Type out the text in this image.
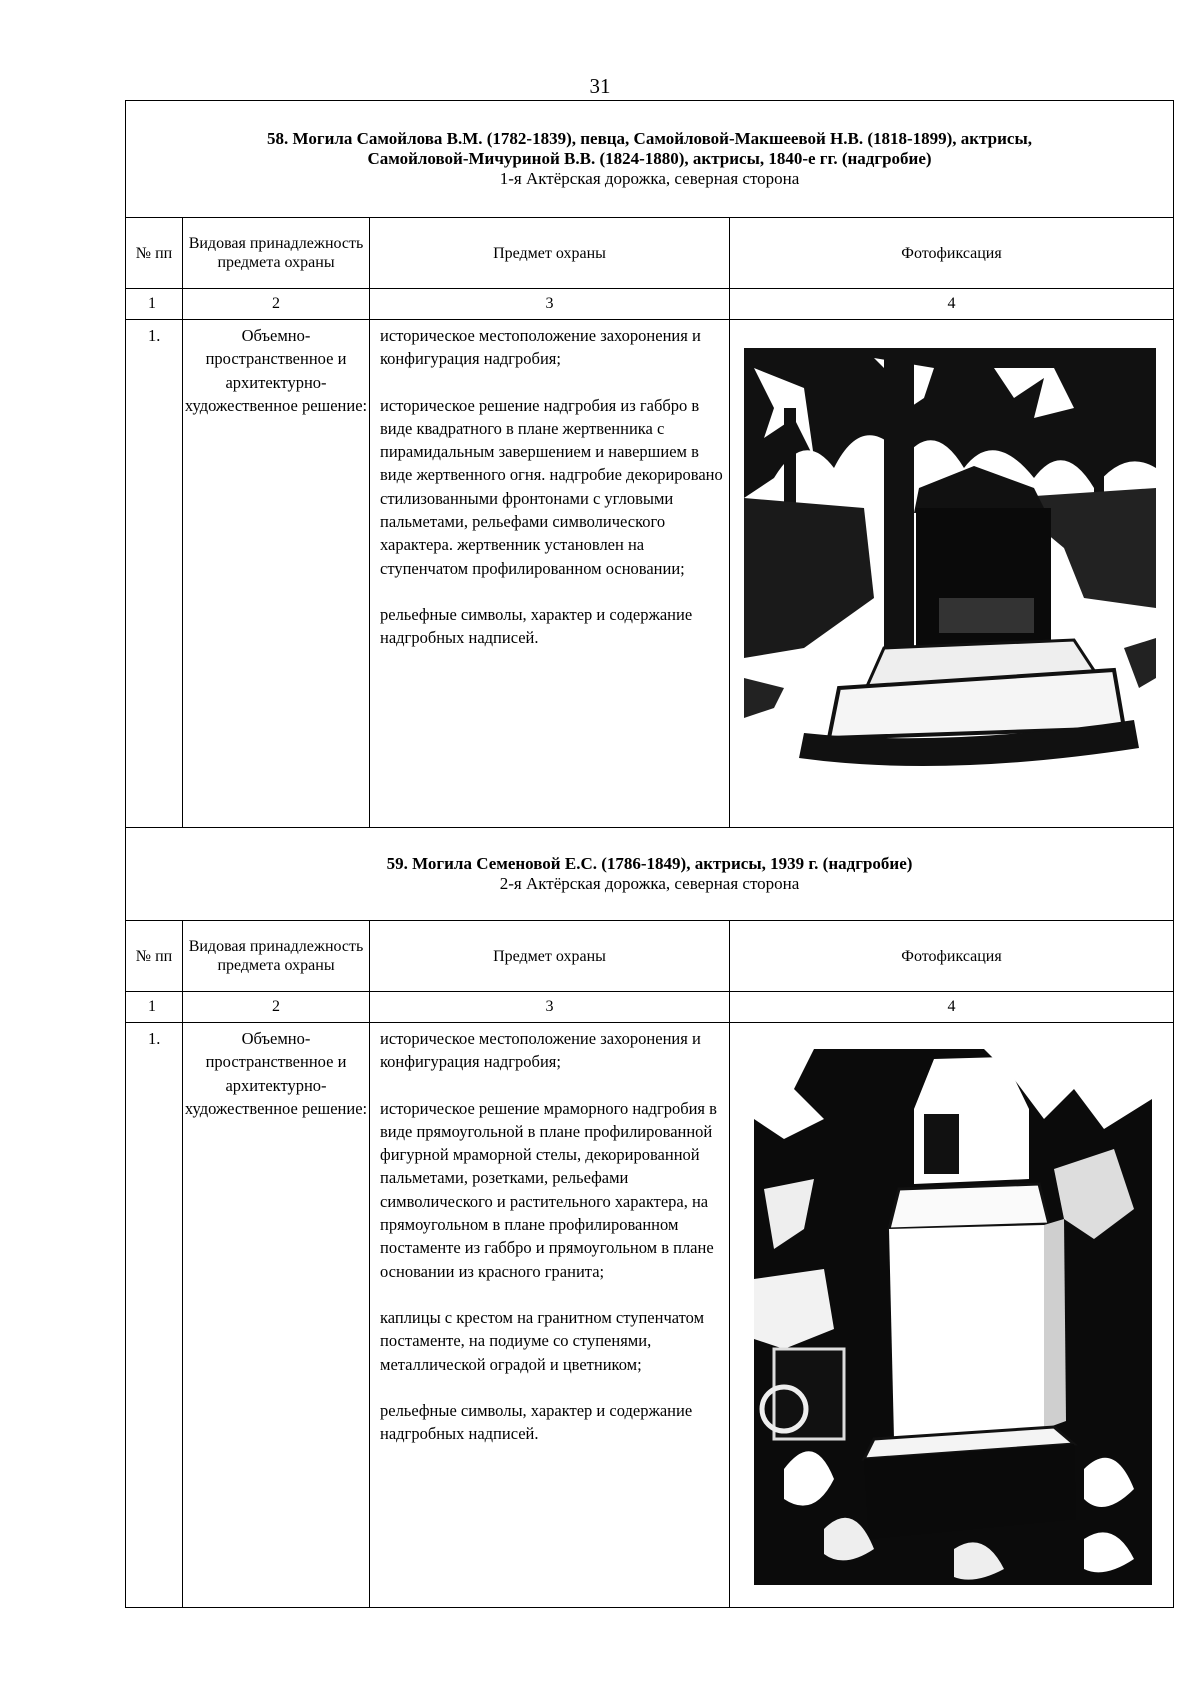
31
58. Могила Самойлова В.М. (1782-1839), певца, Самойловой-Макшеевой Н.В. (1818-1899), актрисы,
Самойловой-Мичуриной В.В. (1824-1880), актрисы, 1840-е гг. (надгробие)
1-я Актёрская дорожка, северная сторона			

№ пп	Видовая принадлежность предмета охраны	Предмет охраны	Фотофиксация
1	2	3	4
1.	Объемно-пространственное и архитектурно-художественное решение:	историческое местоположение захоронения и конфигурация надгробия;
историческое решение надгробия из габбро в виде квадратного в плане жертвенника с пирамидальным завершением и навершием в виде жертвенного огня. надгробие декорировано стилизованными фронтонами с угловыми пальметами, рельефами символического характера. жертвенник установлен на ступенчатом профилированном основании;
рельефные символы, характер и содержание надгробных надписей.

59. Могила Семеновой Е.С. (1786-1849), актрисы, 1939 г. (надгробие)
2-я Актёрская дорожка, северная сторона			

№ пп	Видовая принадлежность предмета охраны	Предмет охраны	Фотофиксация
1	2	3	4
1.	Объемно-пространственное и архитектурно-художественное решение:	историческое местоположение захоронения и конфигурация надгробия;
историческое решение мраморного надгробия в виде прямоугольной в плане профилированной фигурной мраморной стелы, декорированной пальметами, розетками, рельефами символического и растительного характера, на прямоугольном в плане профилированном постаменте из габбро и прямоугольном в плане основании из красного гранита;
каплицы с крестом на гранитном ступенчатом постаменте, на подиуме со ступенями, металлической оградой и цветником;
рельефные символы, характер и содержание надгробных надписей.
